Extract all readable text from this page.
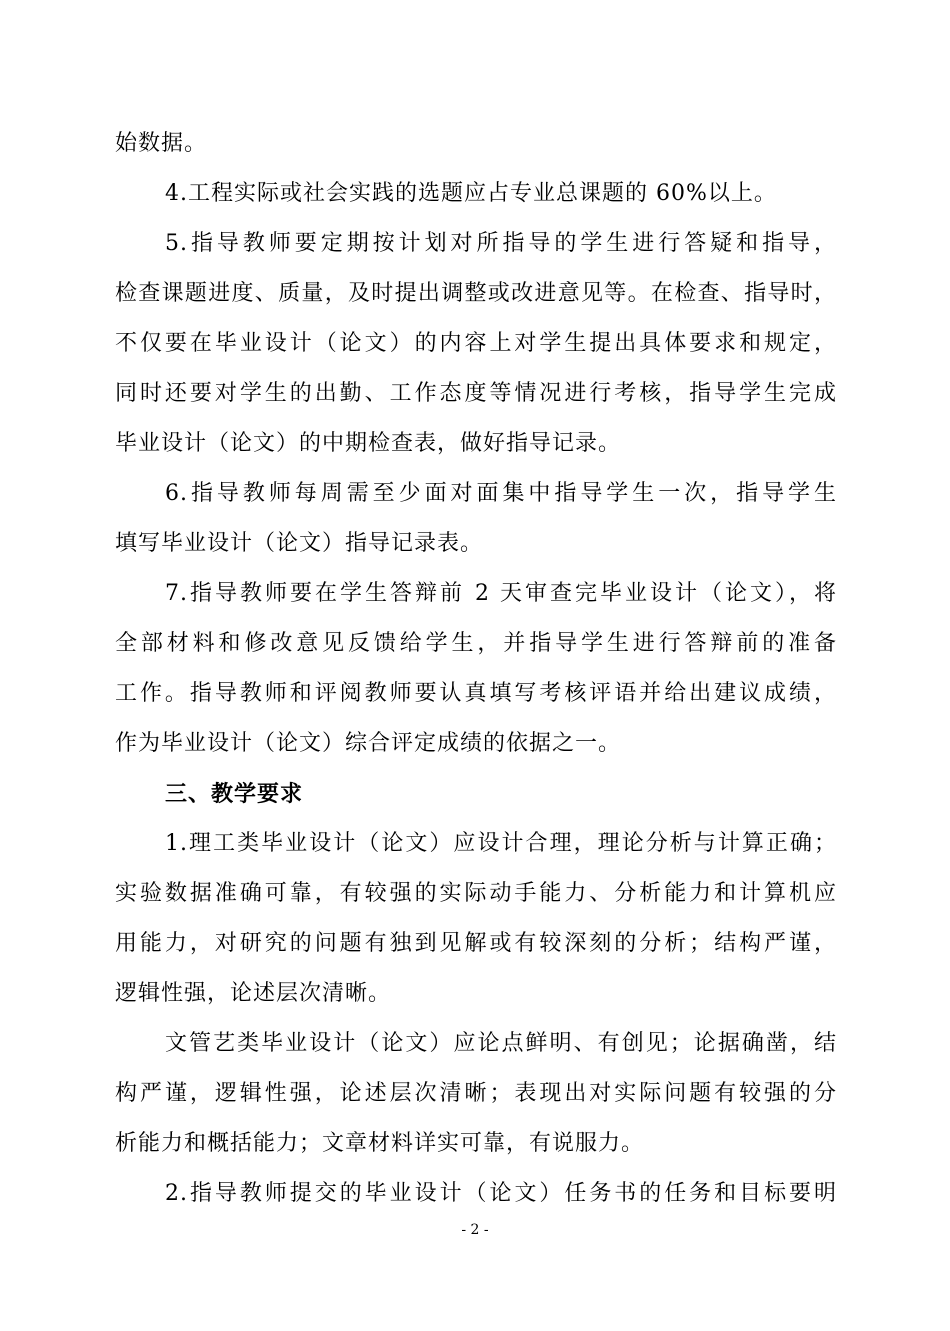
始数据。
4.工程实际或社会实践的选题应占专业总课题的 60%以上。
5.指导教师要定期按计划对所指导的学生进行答疑和指导，
检查课题进度、质量，及时提出调整或改进意见等。在检查、指导时，
不仅要在毕业设计（论文）的内容上对学生提出具体要求和规定，
同时还要对学生的出勤、工作态度等情况进行考核，指导学生完成
毕业设计（论文）的中期检查表，做好指导记录。
6.指导教师每周需至少面对面集中指导学生一次，指导学生
填写毕业设计（论文）指导记录表。
7.指导教师要在学生答辩前 2 天审查完毕业设计（论文），将
全部材料和修改意见反馈给学生，并指导学生进行答辩前的准备
工作。指导教师和评阅教师要认真填写考核评语并给出建议成绩，
作为毕业设计（论文）综合评定成绩的依据之一。
三、教学要求
1.理工类毕业设计（论文）应设计合理，理论分析与计算正确；
实验数据准确可靠，有较强的实际动手能力、分析能力和计算机应
用能力，对研究的问题有独到见解或有较深刻的分析；结构严谨，
逻辑性强，论述层次清晰。
文管艺类毕业设计（论文）应论点鲜明、有创见；论据确凿，结
构严谨，逻辑性强，论述层次清晰；表现出对实际问题有较强的分
析能力和概括能力；文章材料详实可靠，有说服力。
2.指导教师提交的毕业设计（论文）任务书的任务和目标要明
- 2 -
